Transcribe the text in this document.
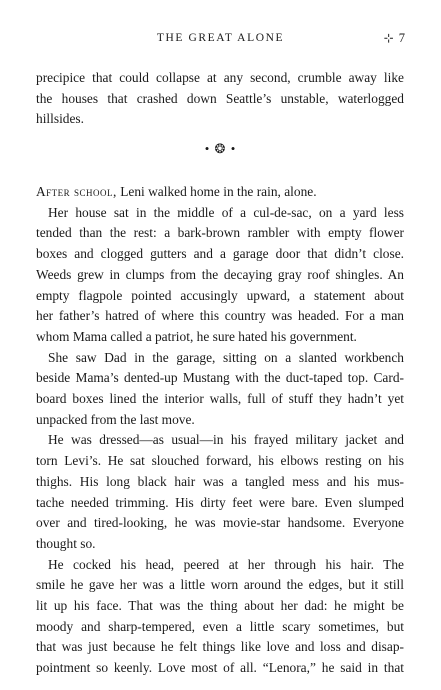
THE GREAT ALONE	⊹ 7
precipice that could collapse at any second, crumble away like
the houses that crashed down Seattle’s unstable, waterlogged
hillsides.
• ❂ •
After school, Leni walked home in the rain, alone.
Her house sat in the middle of a cul-de-sac, on a yard less
tended than the rest: a bark-brown rambler with empty flower
boxes and clogged gutters and a garage door that didn’t close.
Weeds grew in clumps from the decaying gray roof shingles. An
empty flagpole pointed accusingly upward, a statement about
her father’s hatred of where this country was headed. For a man
whom Mama called a patriot, he sure hated his government.
She saw Dad in the garage, sitting on a slanted workbench
beside Mama’s dented-up Mustang with the duct-taped top. Card-
board boxes lined the interior walls, full of stuff they hadn’t yet
unpacked from the last move.
He was dressed—as usual—in his frayed military jacket and
torn Levi’s. He sat slouched forward, his elbows resting on his
thighs. His long black hair was a tangled mess and his mus-
tache needed trimming. His dirty feet were bare. Even slumped
over and tired-looking, he was movie-star handsome. Everyone
thought so.
He cocked his head, peered at her through his hair. The
smile he gave her was a little worn around the edges, but it still
lit up his face. That was the thing about her dad: he might be
moody and sharp-tempered, even a little scary sometimes, but
that was just because he felt things like love and loss and disap-
pointment so keenly. Love most of all. “Lenora,” he said in that
